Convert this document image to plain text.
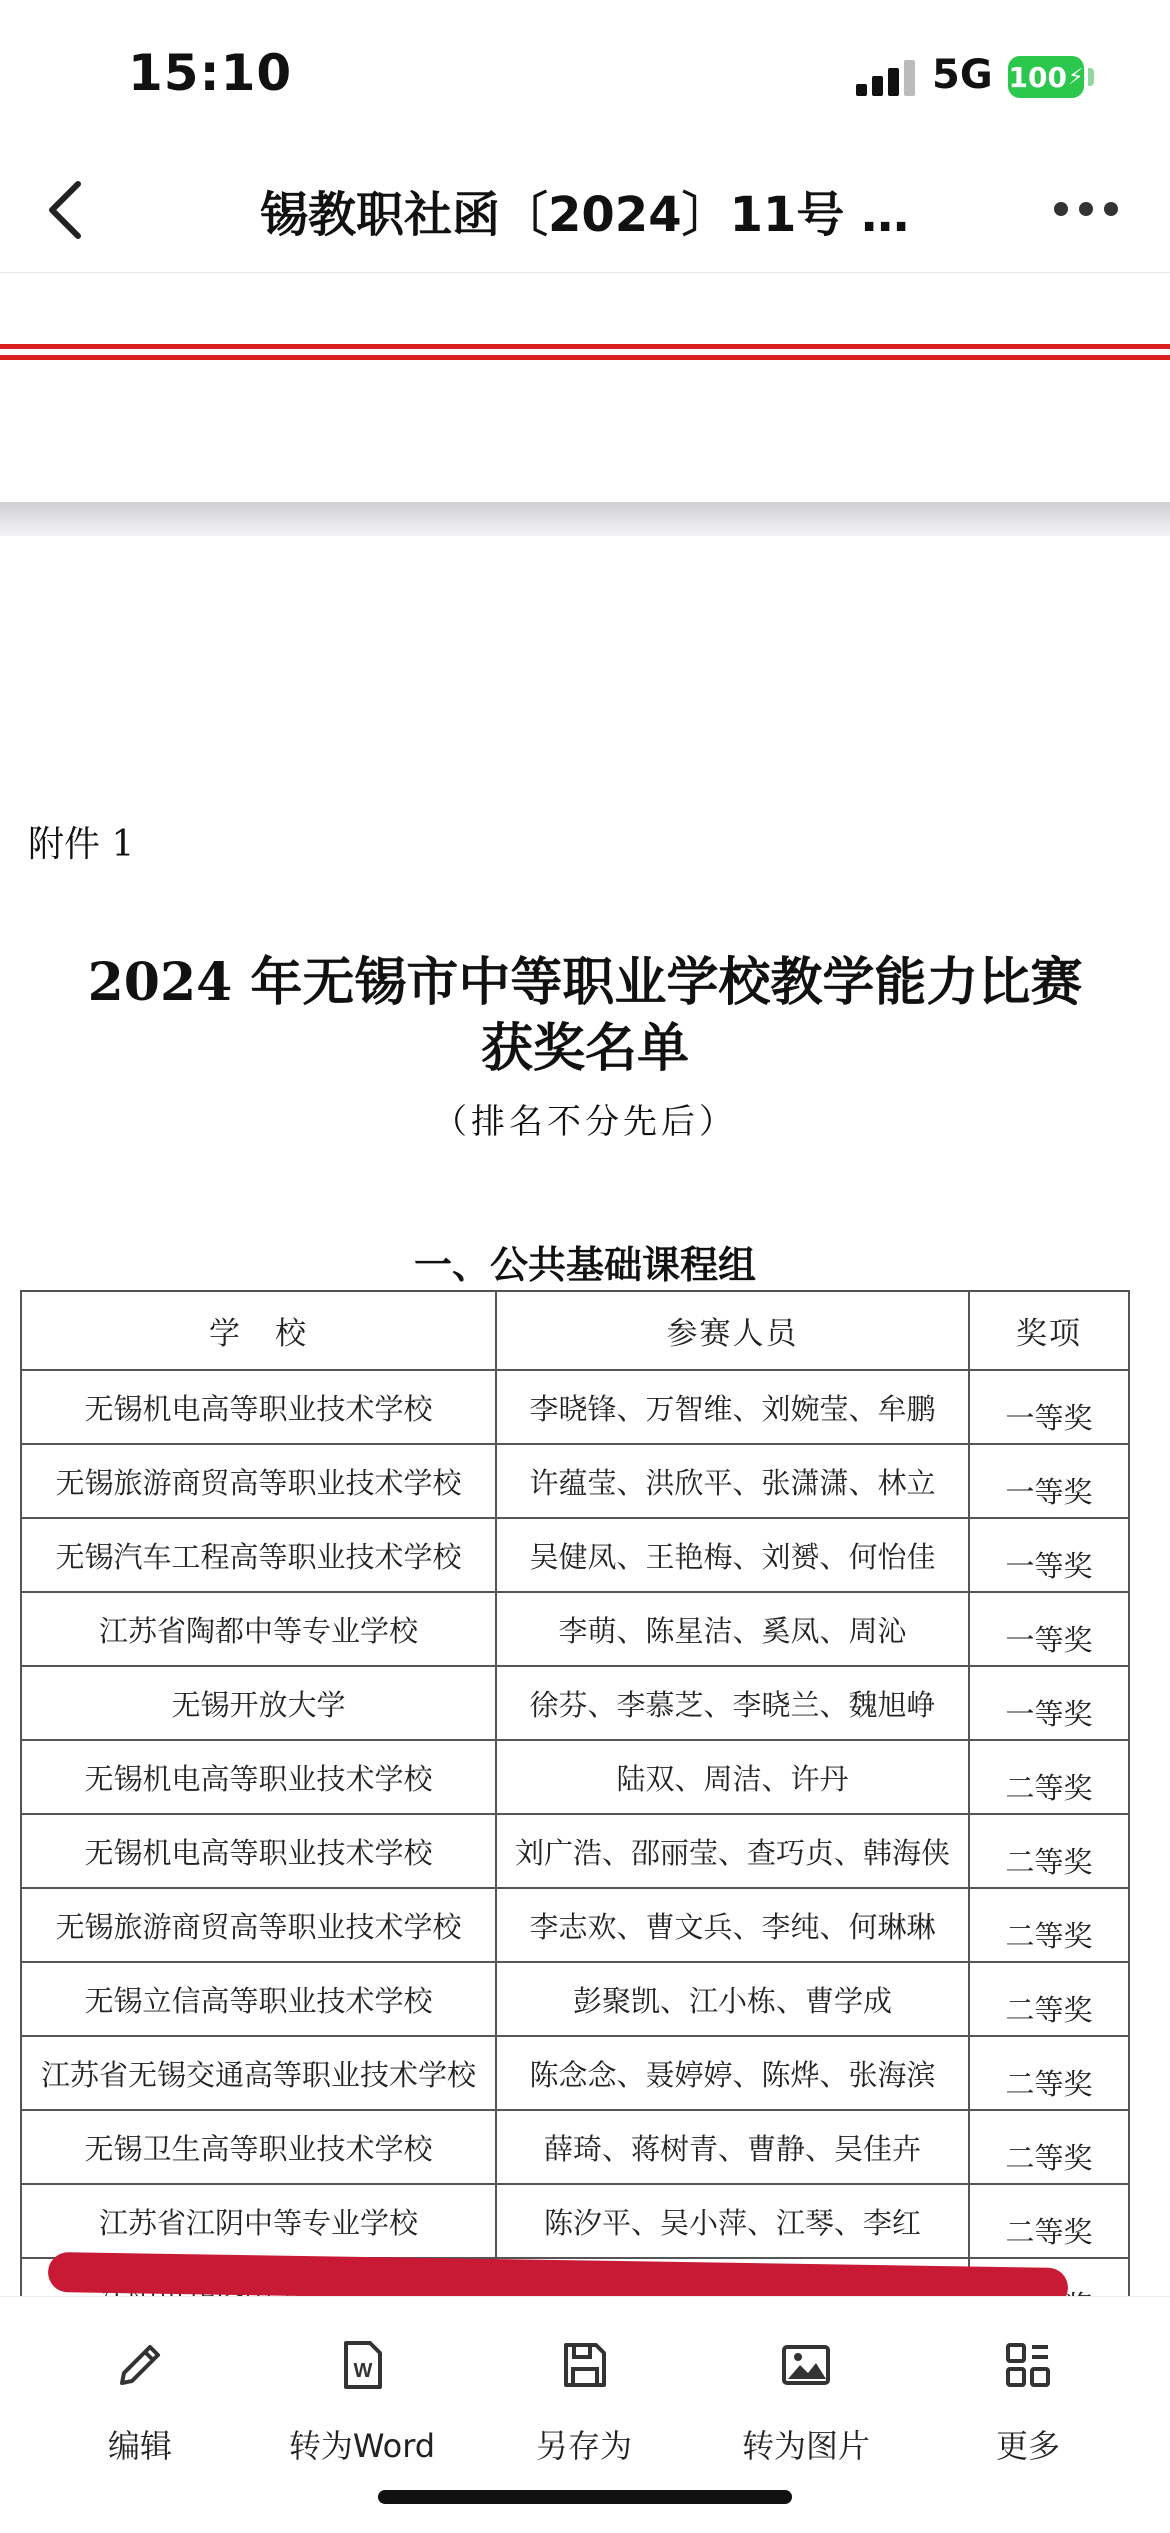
15:10	5G 100 ⚡
锡教职社函〔2024〕11号 …
附件 1
2024 年无锡市中等职业学校教学能力比赛
获奖名单
（排名不分先后）
一、公共基础课程组
学　校	参赛人员	奖项
无锡机电高等职业技术学校	李晓锋、万智维、刘婉莹、牟鹏	一等奖
无锡旅游商贸高等职业技术学校	许蕴莹、洪欣平、张潇潇、林立	一等奖
无锡汽车工程高等职业技术学校	吴健凤、王艳梅、刘赟、何怡佳	一等奖
江苏省陶都中等专业学校	李萌、陈星洁、奚凤、周沁	一等奖
无锡开放大学	徐芬、李慕芝、李晓兰、魏旭峥	一等奖
无锡机电高等职业技术学校	陆双、周洁、许丹	二等奖
无锡机电高等职业技术学校	刘广浩、邵丽莹、查巧贞、韩海侠	二等奖
无锡旅游商贸高等职业技术学校	李志欢、曹文兵、李纯、何琳琳	二等奖
无锡立信高等职业技术学校	彭聚凯、江小栋、曹学成	二等奖
江苏省无锡交通高等职业技术学校	陈念念、聂婷婷、陈烨、张海滨	二等奖
无锡卫生高等职业技术学校	薛琦、蒋树青、曹静、吴佳卉	二等奖
江苏省江阴中等专业学校	陈汐平、吴小萍、江琴、李红	二等奖

编辑
W
转为Word	另存为	转为图片	更多
